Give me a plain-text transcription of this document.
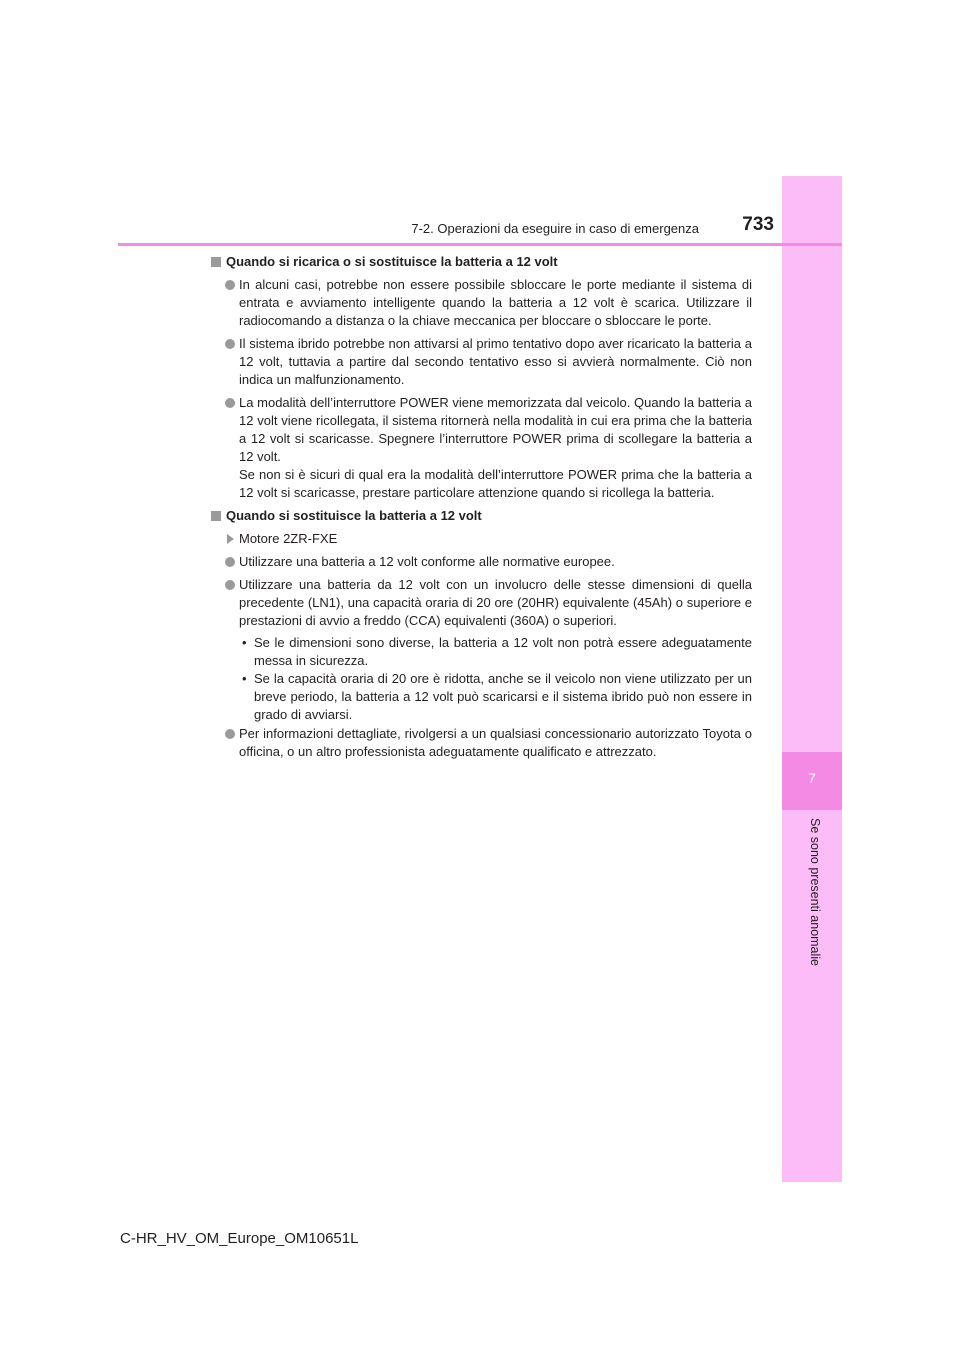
7
Se sono presenti anomalie
7-2. Operazioni da eseguire in caso di emergenza	733
Quando si ricarica o si sostituisce la batteria a 12 volt
In alcuni casi, potrebbe non essere possibile sbloccare le porte mediante il sistema di entrata e avviamento intelligente quando la batteria a 12 volt è scarica. Utilizzare il radiocomando a distanza o la chiave meccanica per bloccare o sbloccare le porte.
Il sistema ibrido potrebbe non attivarsi al primo tentativo dopo aver ricaricato la batteria a 12 volt, tuttavia a partire dal secondo tentativo esso si avvierà normalmente. Ciò non indica un malfunzionamento.
La modalità dell’interruttore POWER viene memorizzata dal veicolo. Quando la batteria a 12 volt viene ricollegata, il sistema ritornerà nella modalità in cui era prima che la batteria a 12 volt si scaricasse. Spegnere l’interruttore POWER prima di scollegare la batteria a 12 volt.
Se non si è sicuri di qual era la modalità dell’interruttore POWER prima che la batteria a 12 volt si scaricasse, prestare particolare attenzione quando si ricollega la batteria.
Quando si sostituisce la batteria a 12 volt
Motore 2ZR-FXE
Utilizzare una batteria a 12 volt conforme alle normative europee.
Utilizzare una batteria da 12 volt con un involucro delle stesse dimensioni di quella precedente (LN1), una capacità oraria di 20 ore (20HR) equivalente (45Ah) o superiore e prestazioni di avvio a freddo (CCA) equivalenti (360A) o superiori.
• Se le dimensioni sono diverse, la batteria a 12 volt non potrà essere adeguatamente messa in sicurezza.
• Se la capacità oraria di 20 ore è ridotta, anche se il veicolo non viene utilizzato per un breve periodo, la batteria a 12 volt può scaricarsi e il sistema ibrido può non essere in grado di avviarsi.
Per informazioni dettagliate, rivolgersi a un qualsiasi concessionario autorizzato Toyota o officina, o un altro professionista adeguatamente qualificato e attrezzato.
C-HR_HV_OM_Europe_OM10651L
